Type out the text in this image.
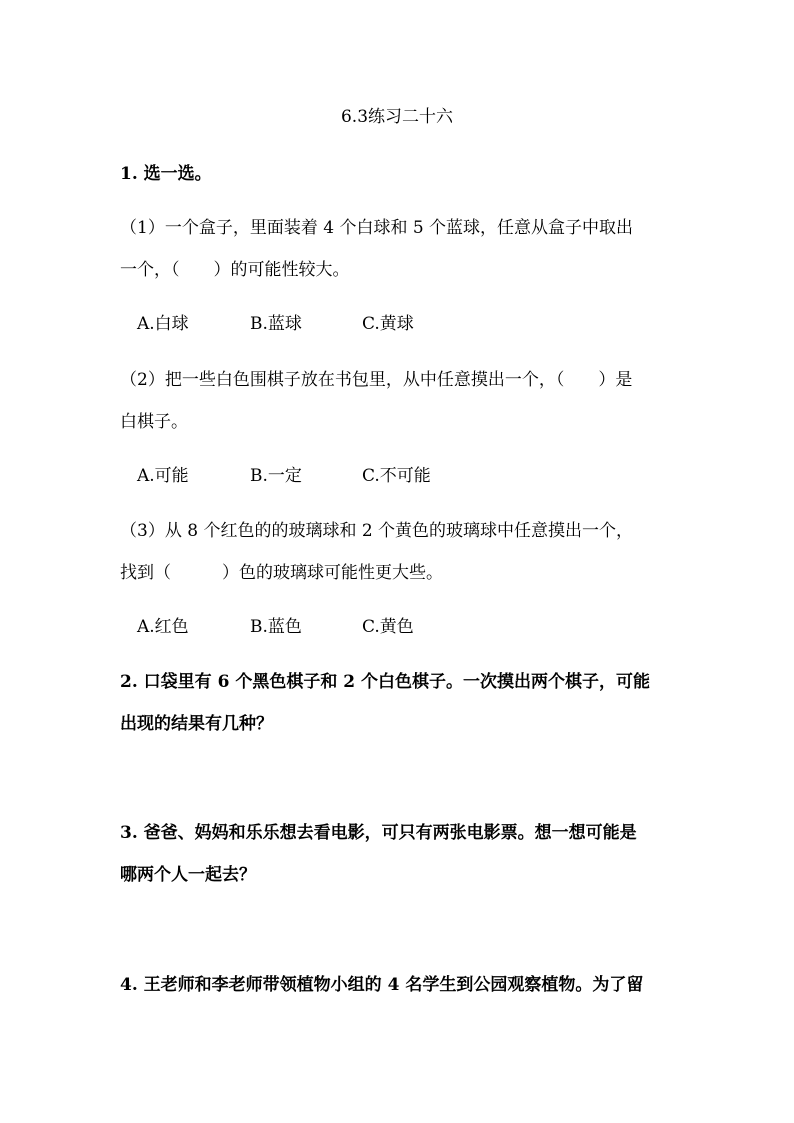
6.3练习二十六
1. 选一选。
（1）一个盒子，里面装着 4 个白球和 5 个蓝球，任意从盒子中取出
一个，（　　）的可能性较大。
A.白球	B.蓝球	C.黄球
（2）把一些白色围棋子放在书包里，从中任意摸出一个，（　　）是
白棋子。
A.可能	B.一定	C.不可能
（3）从 8 个红色的的玻璃球和 2 个黄色的玻璃球中任意摸出一个，
找到（　　　）色的玻璃球可能性更大些。
A.红色	B.蓝色	C.黄色
2. 口袋里有 6 个黑色棋子和 2 个白色棋子。一次摸出两个棋子，可能
出现的结果有几种？
3. 爸爸、妈妈和乐乐想去看电影，可只有两张电影票。想一想可能是
哪两个人一起去？
4. 王老师和李老师带领植物小组的 4 名学生到公园观察植物。为了留
